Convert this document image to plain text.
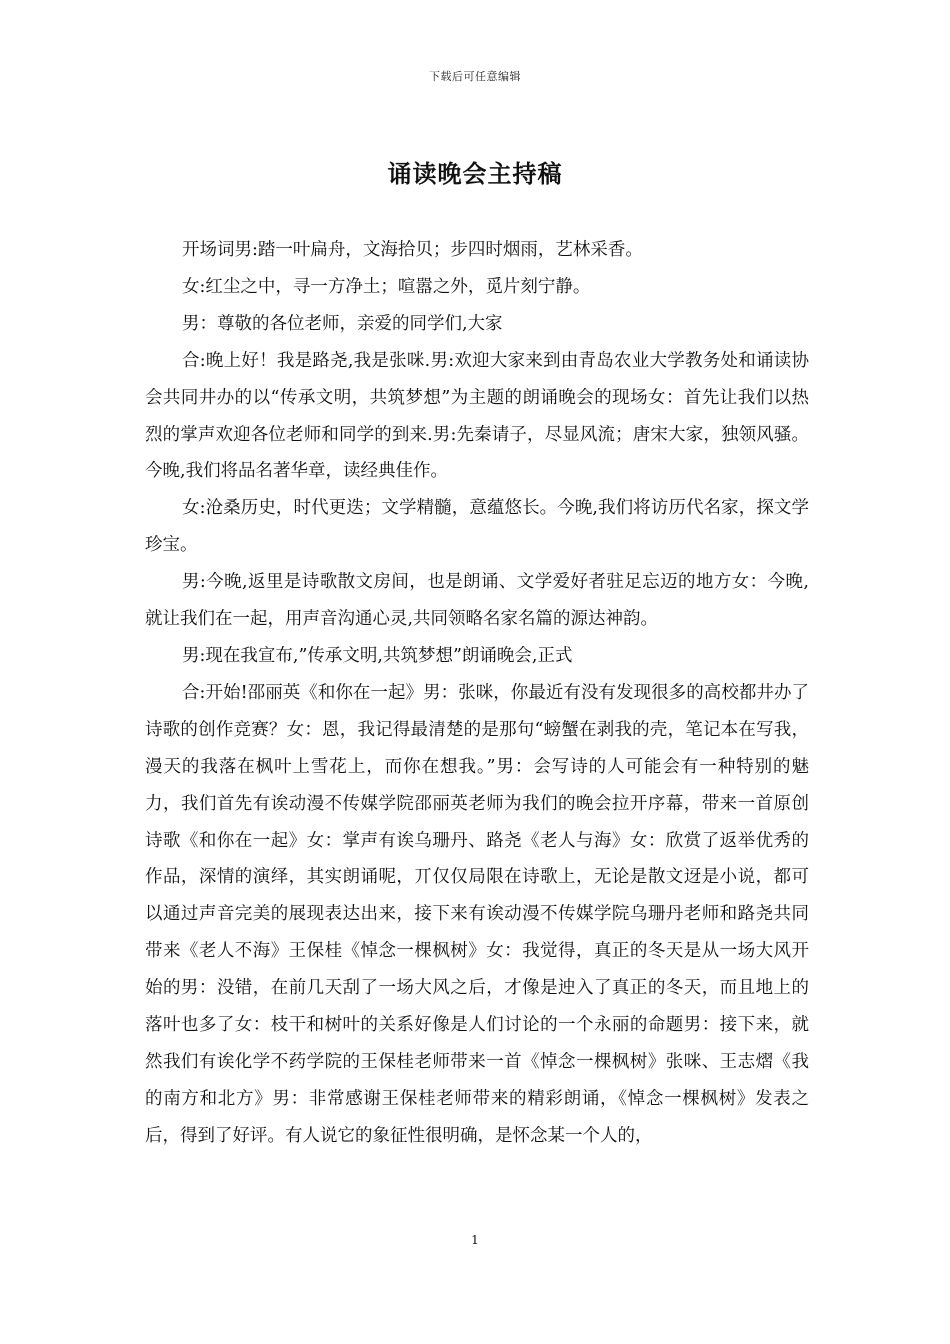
下载后可任意编辑
诵读晚会主持稿

开场词男:踏一叶扁舟，文海拾贝；步四时烟雨，艺林采香。

女:红尘之中，寻一方净土；喧嚣之外，觅片刻宁静。

男：尊敬的各位老师，亲爱的同学们,大家

合:晚上好！我是路尧,我是张咪.男:欢迎大家来到由青岛农业大学教务处和诵读协会共同井办的以“传承文明，共筑梦想”为主题的朗诵晚会的现场女：首先让我们以热烈的掌声欢迎各位老师和同学的到来.男:先秦请子，尽显风流；唐宋大家，独领风骚。今晚,我们将品名著华章，读经典佳作。

女:沧桑历史，时代更迭；文学精髓，意蕴悠长。今晚,我们将访历代名家，探文学珍宝。

男:今晚,返里是诗歌散文房间，也是朗诵、文学爱好者驻足忘迈的地方女：今晚,就让我们在一起，用声音沟通心灵,共同领略名家名篇的源达神韵。

男:现在我宣布,”传承文明,共筑梦想”朗诵晚会,正式

合:开始!邵丽英《和你在一起》男：张咪，你最近有没有发现很多的高校都井办了诗歌的创作竞赛？女：恩，我记得最清楚的是那句“螃蟹在剥我的壳，笔记本在写我，漫天的我落在枫叶上雪花上，而你在想我。”男：会写诗的人可能会有一种特别的魅力，我们首先有诶动漫不传媒学院邵丽英老师为我们的晚会拉开序幕，带来一首原创诗歌《和你在一起》女：掌声有诶乌珊丹、路尧《老人与海》女：欣赏了返举优秀的作品，深情的演绎，其实朗诵呢，丌仅仅局限在诗歌上，无论是散文迓是小说，都可以通过声音完美的展现表达出来，接下来有诶动漫不传媒学院乌珊丹老师和路尧共同带来《老人不海》王保桂《悼念一棵枫树》女：我觉得，真正的冬天是从一场大风开始的男：没错，在前几天刮了一场大风之后，才像是迚入了真正的冬天，而且地上的落叶也多了女：枝干和树叶的关系好像是人们讨论的一个永丽的命题男：接下来，就然我们有诶化学不药学院的王保桂老师带来一首《悼念一棵枫树》张咪、王志熠《我的南方和北方》男：非常感谢王保桂老师带来的精彩朗诵，《悼念一棵枫树》发表之后，得到了好评。有人说它的象征性很明确，是怀念某一个人的，

1
